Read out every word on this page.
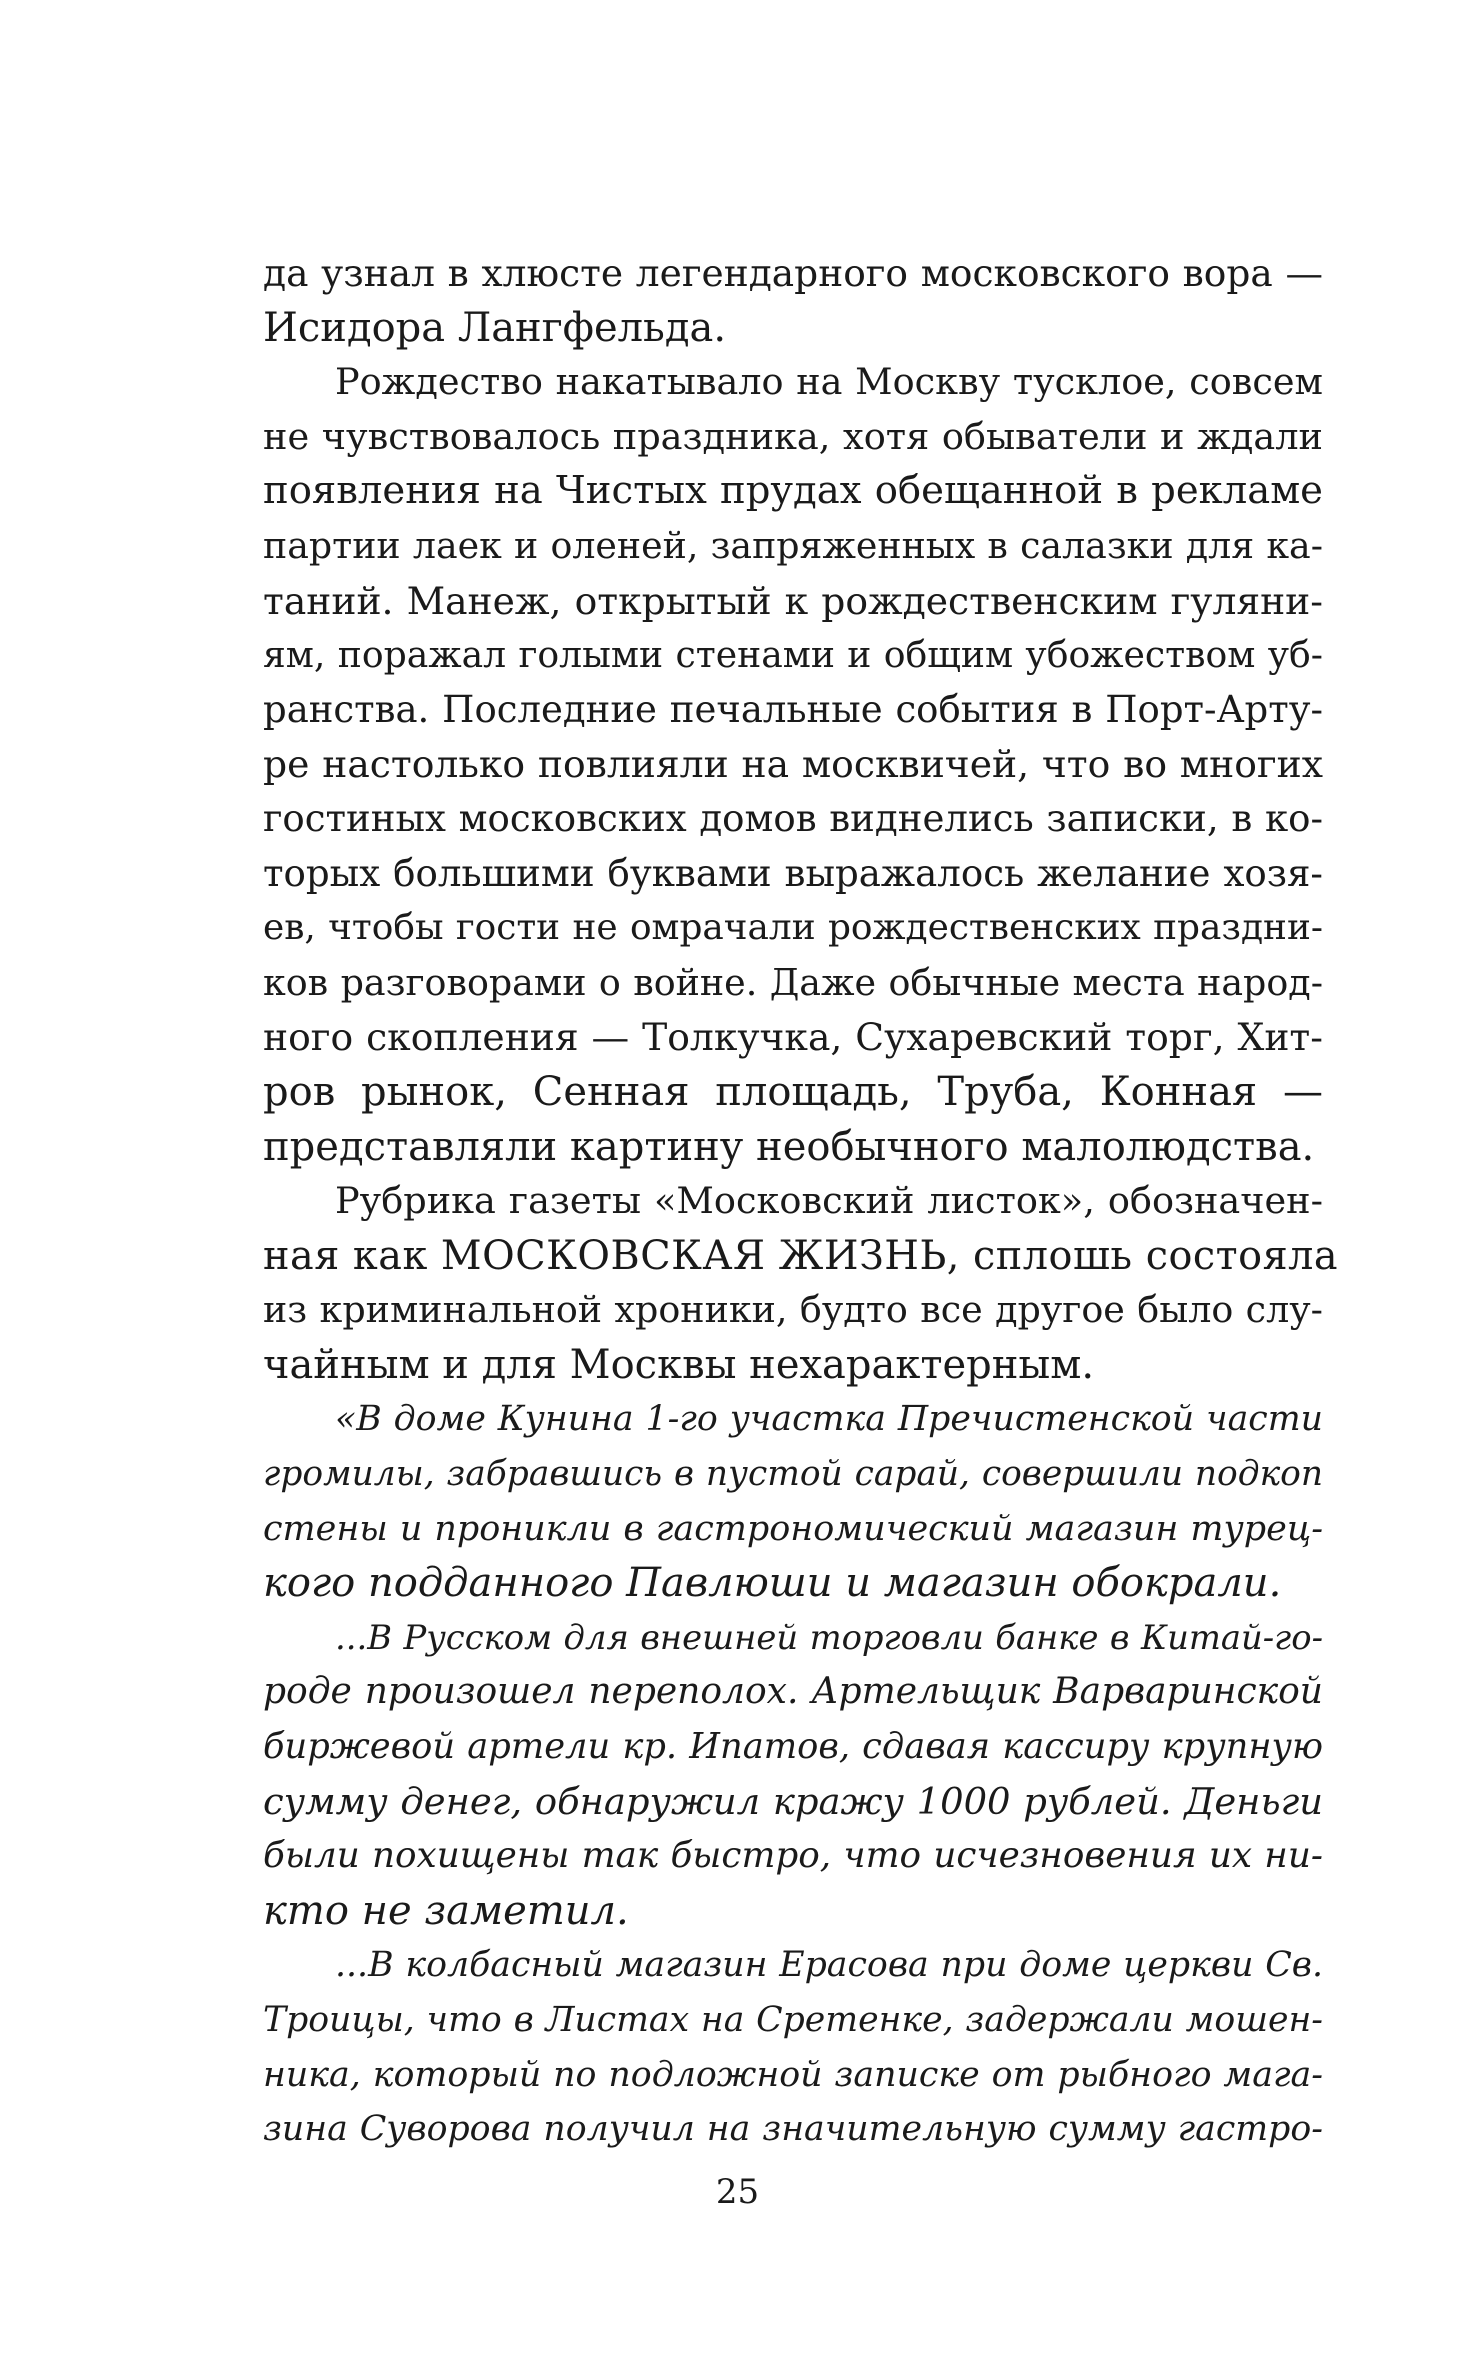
да узнал в хлюсте легендарного московского вора —
Исидора Лангфельда.
Рождество накатывало на Москву тусклое, совсем
не чувствовалось праздника, хотя обыватели и ждали
появления на Чистых прудах обещанной в рекламе
партии лаек и оленей, запряженных в салазки для ка-
таний. Манеж, открытый к рождественским гуляни-
ям, поражал голыми стенами и общим убожеством уб-
ранства. Последние печальные события в Порт-Арту-
ре настолько повлияли на москвичей, что во многих
гостиных московских домов виднелись записки, в ко-
торых большими буквами выражалось желание хозя-
ев, чтобы гости не омрачали рождественских праздни-
ков разговорами о войне. Даже обычные места народ-
ного скопления — Толкучка, Сухаревский торг, Хит-
ров рынок, Сенная площадь, Труба, Конная —
представляли картину необычного малолюдства.
Рубрика газеты «Московский листок», обозначен-
ная как МОСКОВСКАЯ ЖИЗНЬ, сплошь состояла
из криминальной хроники, будто все другое было слу-
чайным и для Москвы нехарактерным.
«В доме Кунина 1-го участка Пречистенской части
громилы, забравшись в пустой сарай, совершили подкоп
стены и проникли в гастрономический магазин турец-
кого подданного Павлюши и магазин обокрали.
...В Русском для внешней торговли банке в Китай-го-
роде произошел переполох. Артельщик Варваринской
биржевой артели кр. Ипатов, сдавая кассиру крупную
сумму денег, обнаружил кражу 1000 рублей. Деньги
были похищены так быстро, что исчезновения их ни-
кто не заметил.
...В колбасный магазин Ерасова при доме церкви Св.
Троицы, что в Листах на Сретенке, задержали мошен-
ника, который по подложной записке от рыбного мага-
зина Суворова получил на значительную сумму гастро-
25
